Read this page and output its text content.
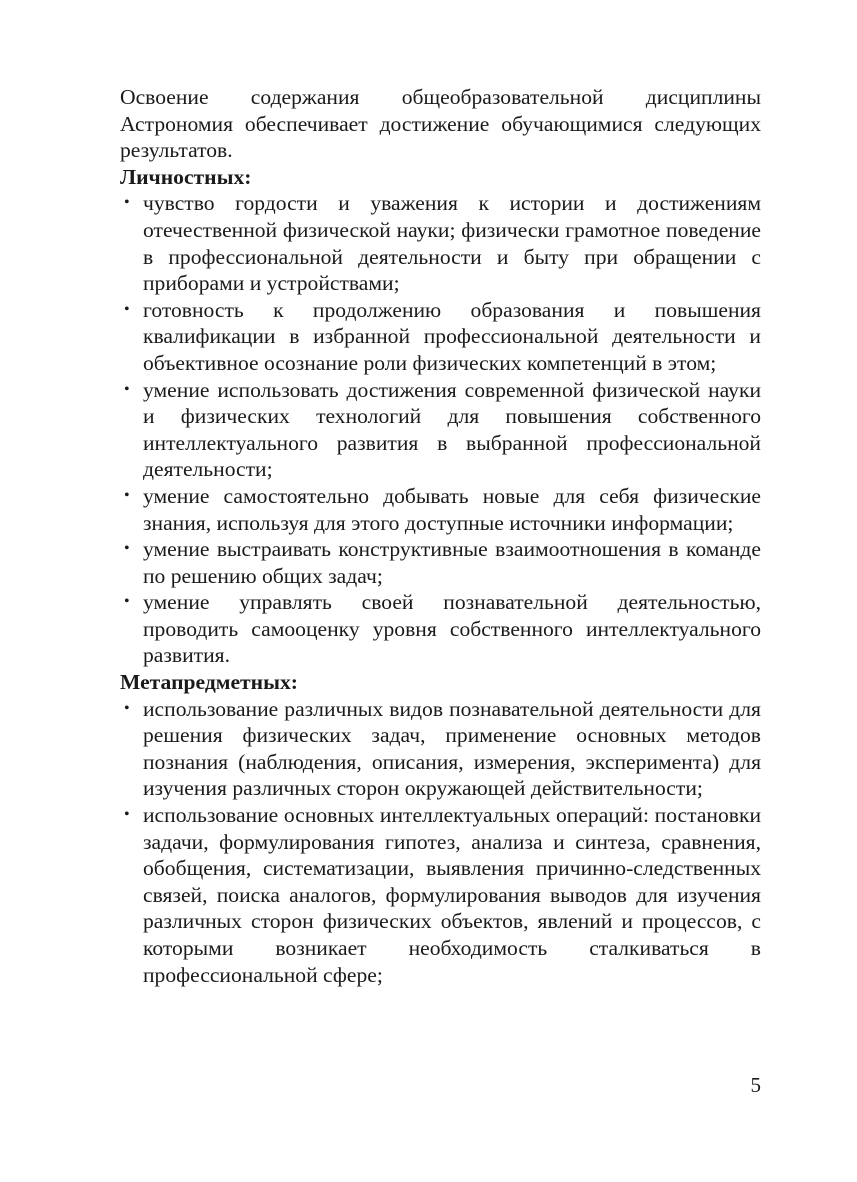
Освоение содержания общеобразовательной дисциплины Астрономия обеспечивает достижение обучающимися следующих результатов.

Личностных:

• чувство гордости и уважения к истории и достижениям отечественной физической науки; физически грамотное поведение в профессиональной деятельности и быту при обращении с приборами и устройствами;
• готовность к продолжению образования и повышения квалификации в избранной профессиональной деятельности и объективное осознание роли физических компетенций в этом;
• умение использовать достижения современной физической науки и физических технологий для повышения собственного интеллектуального развития в выбранной профессиональной деятельности;
• умение самостоятельно добывать новые для себя физические знания, используя для этого доступные источники информации;
• умение выстраивать конструктивные взаимоотношения в команде по решению общих задач;
• умение управлять своей познавательной деятельностью, проводить самооценку уровня собственного интеллектуального развития.

Метапредметных:

• использование различных видов познавательной деятельности для решения физических задач, применение основных методов познания (наблюдения, описания, измерения, эксперимента) для изучения различных сторон окружающей действительности;
• использование основных интеллектуальных операций: постановки задачи, формулирования гипотез, анализа и синтеза, сравнения, обобщения, систематизации, выявления причинно-следственных связей, поиска аналогов, формулирования выводов для изучения различных сторон физических объектов, явлений и процессов, с которыми возникает необходимость сталкиваться в профессиональной сфере;
5
